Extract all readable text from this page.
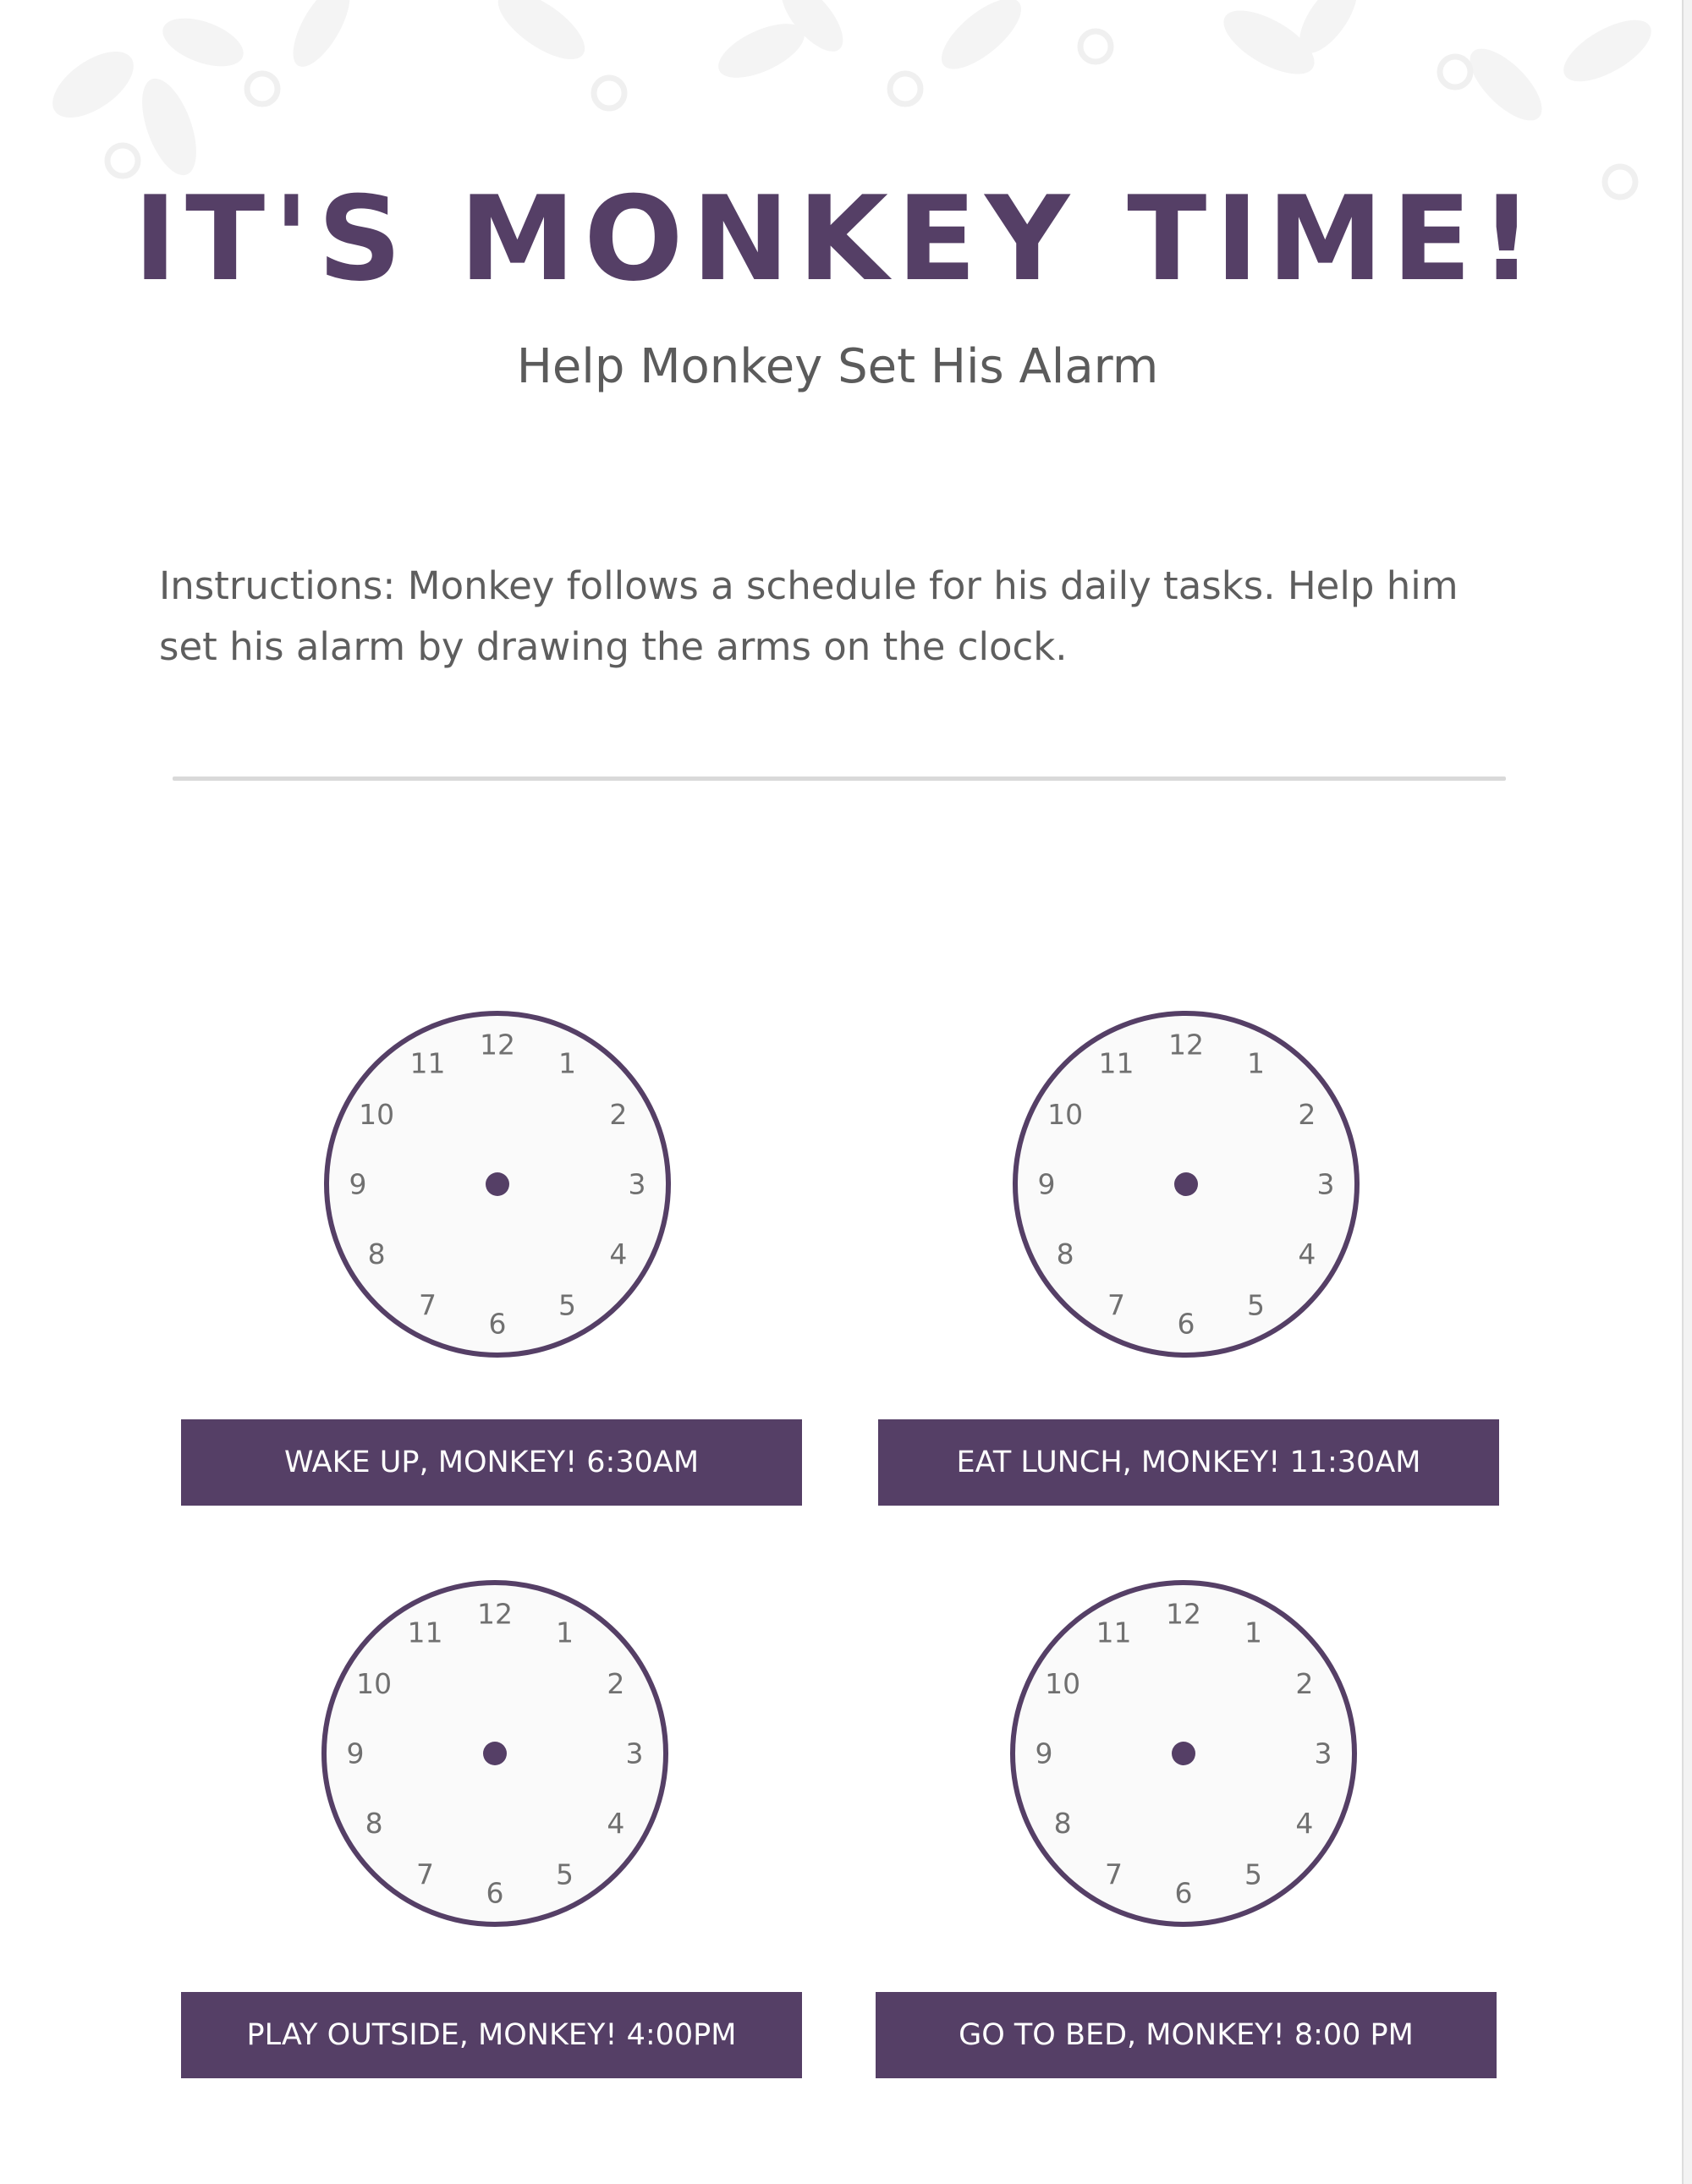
IT'S MONKEY TIME!
Help Monkey Set His Alarm
Instructions: Monkey follows a schedule for his daily tasks. Help him set his alarm by drawing the arms on the clock.
12
1
2
3
4
5
6
7
8
9
10
11
12
1
2
3
4
5
6
7
8
9
10
11
12
1
2
3
4
5
6
7
8
9
10
11
12
1
2
3
4
5
6
7
8
9
10
11
WAKE UP, MONKEY! 6:30AM	EAT LUNCH, MONKEY! 11:30AM
PLAY OUTSIDE, MONKEY! 4:00PM	GO TO BED, MONKEY! 8:00 PM
